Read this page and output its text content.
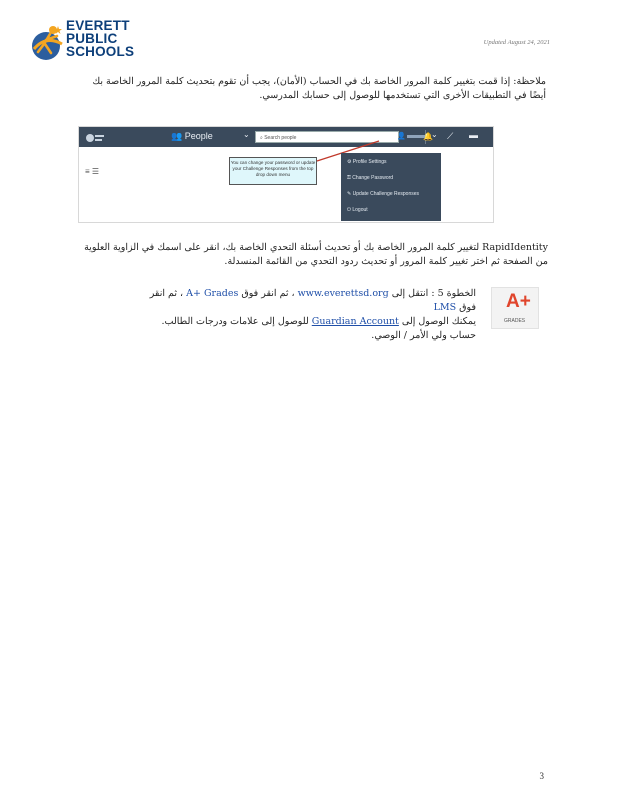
EVERETT
PUBLIC
SCHOOLS
Updated August 24, 2021
ملاحظة: إذا قمت بتغيير كلمة المرور الخاصة بك في الحساب (الأمان)، يجب أن تقوم بتحديث كلمة المرور الخاصة بك أيضًا في التطبيقات الأخرى التي تستخدمها للوصول إلى حسابك المدرسي.
👥 People	⌄	⌕ Search people	👤	⌄
🔔 ⟋ ▬
≡ ☰
You can change your password or update your Challenge Responses from the top drop down menu
⚙ Profile Settings
⚿ Change Password
✎ Update Challenge Responses
⏻ Logout
RapidIdentity لتغيير كلمة المرور الخاصة بك أو تحديث أسئلة التحدي الخاصة بك، انقر على اسمك في الزاوية العلوية من الصفحة ثم اختر تغيير كلمة المرور أو تحديث ردود التحدي من القائمة المنسدلة.
A+
GRADES
الخطوة 5 : انتقل إلى www.everettsd.org ، ثم انقر فوق A+ Grades ، ثم انقر فوق LMS
يمكنك الوصول إلى Guardian Account للوصول إلى علامات ودرجات الطالب.
حساب ولي الأمر / الوصي.
3
